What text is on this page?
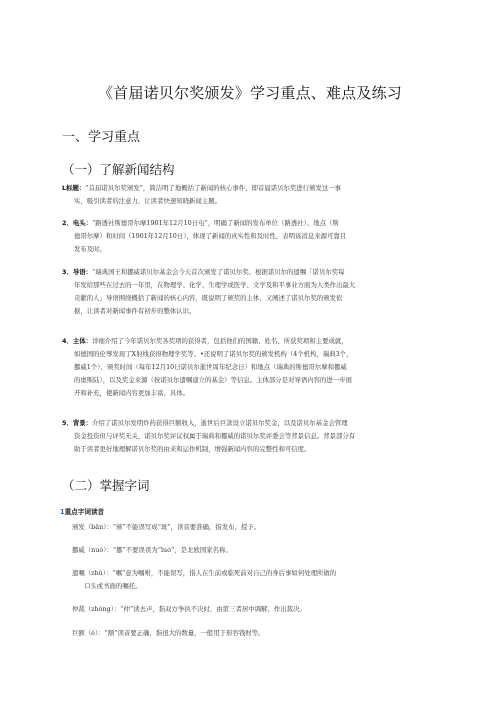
《首届诺贝尔奖颁发》学习重点、难点及练习
一、学习重点
（一）了解新闻结构
L标题：“首届诺贝尔奖颁发”，简洁明了地概括了新闻的核心事件，即首届诺贝尔奖进行颁发这一事
实，吸引读者的注意力，让读者快速知晓新闻主题。
2．电头：“路透社斯德哥尔摩1901年12月10日电”，明确了新闻的发布单位（路透社）、地点（斯
德哥尔摩）和时间（1901年12月10日），体现了新闻的真实性和及时性，表明该消息来源可靠且
发布及时。
3．导语：“瑞典国王和挪威诺贝尔基金会今天首次颁发了诺贝尔奖。根据诺贝尔的遗嘱「诺贝尔奖每
年发给那些在过去的一年里，在物理学、化学、生理学或医学、文学及和平事业方面为人类作出最大
贡献的人」导语围绕概括了新闻的核心内容，既说明了颁奖的主体，又阐述了诺贝尔奖的颁发依
据，让读者对新闻事件有初步的整体认识。
4．主体：详细介绍了今年诺贝尔奖各奖项的获得者，包括他们的国籍、姓名、所获奖项和主要成就，
如德国的伦琴发现了X射线获得物理学奖等。•还说明了诺贝尔奖的颁发机构（4个机构，瑞典3个，
挪威1个）、颁奖时间（每年12月10日诺贝尔逝世周年纪念日）和地点（瑞典的斯德哥尔摩和挪威
的奥斯陆），以及奖金来源（按诺贝尔遗嘱建立的基金）等信息。主体部分是对导语内容的进一步展
开和补充，使新闻内容更加丰富、具体。
5．背景：介绍了诺贝尔发明炸药获得巨额收入，逝世后巨款设立诺贝尔奖金，以及诺贝尔基金会管理
资金投资但与评奖无关，诺贝尔奖评议权属于瑞典和挪威的诺贝尔奖评委会等背景信息。背景部分有
助于读者更好地理解诺贝尔奖的由来和运作机制，增强新闻内容的完整性和可信度。
（二）掌握字词
1重点字词读音
颁发（bān）：“颁”不能误写成“斑”，读音要准确，指发布、授予。
挪威（nuó）：“挪”不要误读为“luó”，是北欧国家名称。
遗嘱（zhǔ）：“嘱”意为嘱咐，不能误写，指人在生前或临死前对自己的身后事如何处理所做的
口头或书面的嘱托。
仲裁（zhòng）：“仲”读去声，指双方争执不决时，由第三者居中调解，作出裁决。
巨额（é）：“额”读音要正确，指很大的数量，一般用于形容钱财等。
